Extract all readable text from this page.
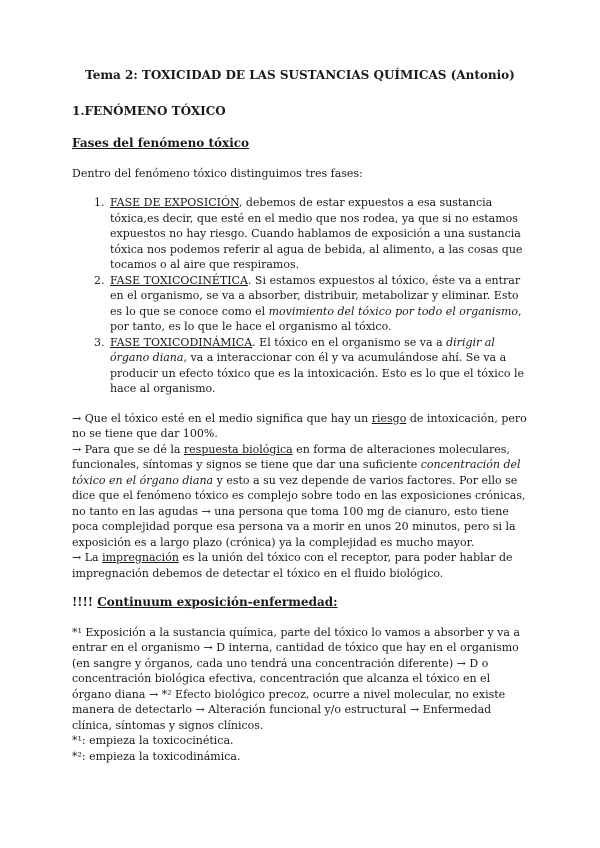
Tema 2: TOXICIDAD DE LAS SUSTANCIAS QUÍMICAS (Antonio)

1.FENÓMENO TÓXICO

Fases del fenómeno tóxico

Dentro del fenómeno tóxico distinguimos tres fases:

1. FASE DE EXPOSICIÓN, debemos de estar expuestos a esa sustancia tóxica,es decir, que esté en el medio que nos rodea, ya que si no estamos expuestos no hay riesgo. Cuando hablamos de exposición a una sustancia tóxica nos podemos referir al agua de bebida, al alimento, a las cosas que tocamos o al aire que respiramos.
2. FASE TOXICOCINÉTICA. Si estamos expuestos al tóxico, éste va a entrar en el organismo, se va a absorber, distribuir, metabolizar y eliminar. Esto es lo que se conoce como el movimiento del tóxico por todo el organismo, por tanto, es lo que le hace el organismo al tóxico.
3. FASE TOXICODINÁMICA. El tóxico en el organismo se va a dirigir al órgano diana, va a interaccionar con él y va acumulándose ahí. Se va a producir un efecto tóxico que es la intoxicación. Esto es lo que el tóxico le hace al organismo.

→ Que el tóxico esté en el medio significa que hay un riesgo de intoxicación, pero no se tiene que dar 100%.

→ Para que se dé la respuesta biológica en forma de alteraciones moleculares, funcionales, síntomas y signos se tiene que dar una suficiente concentración del tóxico en el órgano diana y esto a su vez depende de varios factores. Por ello se dice que el fenómeno tóxico es complejo sobre todo en las exposiciones crónicas, no tanto en las agudas → una persona que toma 100 mg de cianuro, esto tiene poca complejidad porque esa persona va a morir en unos 20 minutos, pero si la exposición es a largo plazo (crónica) ya la complejidad es mucho mayor.

→ La impregnación es la unión del tóxico con el receptor, para poder hablar de impregnación debemos de detectar el tóxico en el fluido biológico.

!!!! Continuum exposición-enfermedad:

*¹ Exposición a la sustancia química, parte del tóxico lo vamos a absorber y va a entrar en el organismo → D interna, cantidad de tóxico que hay en el organismo (en sangre y órganos, cada uno tendrá una concentración diferente) → D o concentración biológica efectiva, concentración que alcanza el tóxico en el órgano diana → *² Efecto biológico precoz, ocurre a nivel molecular, no existe manera de detectarlo → Alteración funcional y/o estructural → Enfermedad clínica, síntomas y signos clínicos.

*¹: empieza la toxicocinética.

*²: empieza la toxicodinámica.
